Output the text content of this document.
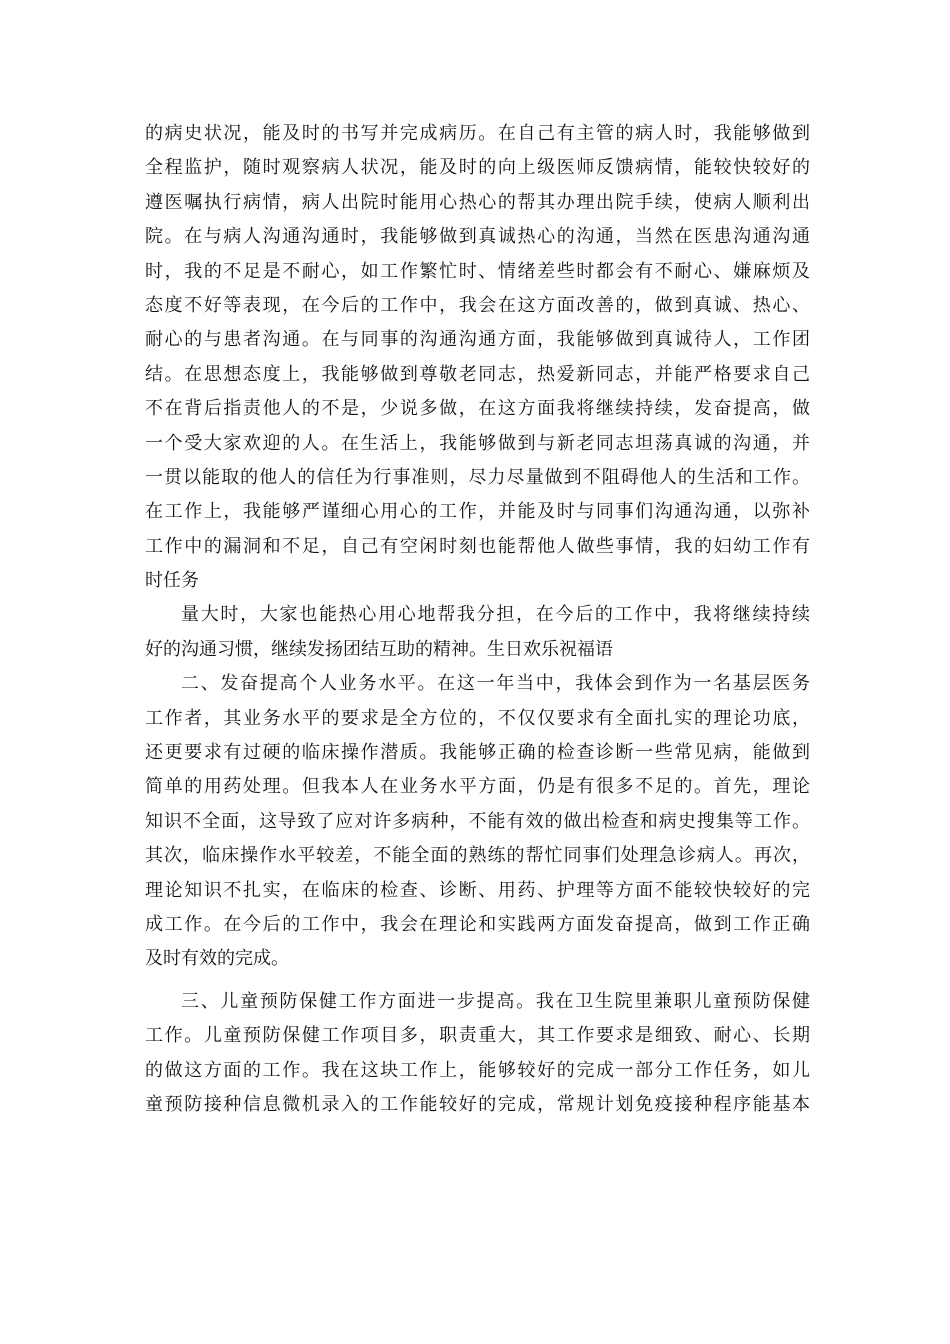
的病史状况，能及时的书写并完成病历。在自己有主管的病人时，我能够做到
全程监护，随时观察病人状况，能及时的向上级医师反馈病情，能较快较好的
遵医嘱执行病情，病人出院时能用心热心的帮其办理出院手续，使病人顺利出
院。在与病人沟通沟通时，我能够做到真诚热心的沟通，当然在医患沟通沟通
时，我的不足是不耐心，如工作繁忙时、情绪差些时都会有不耐心、嫌麻烦及
态度不好等表现，在今后的工作中，我会在这方面改善的，做到真诚、热心、
耐心的与患者沟通。在与同事的沟通沟通方面，我能够做到真诚待人，工作团
结。在思想态度上，我能够做到尊敬老同志，热爱新同志，并能严格要求自己
不在背后指责他人的不是，少说多做，在这方面我将继续持续，发奋提高，做
一个受大家欢迎的人。在生活上，我能够做到与新老同志坦荡真诚的沟通，并
一贯以能取的他人的信任为行事准则，尽力尽量做到不阻碍他人的生活和工作。
在工作上，我能够严谨细心用心的工作，并能及时与同事们沟通沟通，以弥补
工作中的漏洞和不足，自己有空闲时刻也能帮他人做些事情，我的妇幼工作有
时任务
量大时，大家也能热心用心地帮我分担，在今后的工作中，我将继续持续
好的沟通习惯，继续发扬团结互助的精神。生日欢乐祝福语
二、发奋提高个人业务水平。在这一年当中，我体会到作为一名基层医务
工作者，其业务水平的要求是全方位的，不仅仅要求有全面扎实的理论功底，
还更要求有过硬的临床操作潜质。我能够正确的检查诊断一些常见病，能做到
简单的用药处理。但我本人在业务水平方面，仍是有很多不足的。首先，理论
知识不全面，这导致了应对许多病种，不能有效的做出检查和病史搜集等工作。
其次，临床操作水平较差，不能全面的熟练的帮忙同事们处理急诊病人。再次，
理论知识不扎实，在临床的检查、诊断、用药、护理等方面不能较快较好的完
成工作。在今后的工作中，我会在理论和实践两方面发奋提高，做到工作正确
及时有效的完成。
三、儿童预防保健工作方面进一步提高。我在卫生院里兼职儿童预防保健
工作。儿童预防保健工作项目多，职责重大，其工作要求是细致、耐心、长期
的做这方面的工作。我在这块工作上，能够较好的完成一部分工作任务，如儿
童预防接种信息微机录入的工作能较好的完成，常规计划免疫接种程序能基本
